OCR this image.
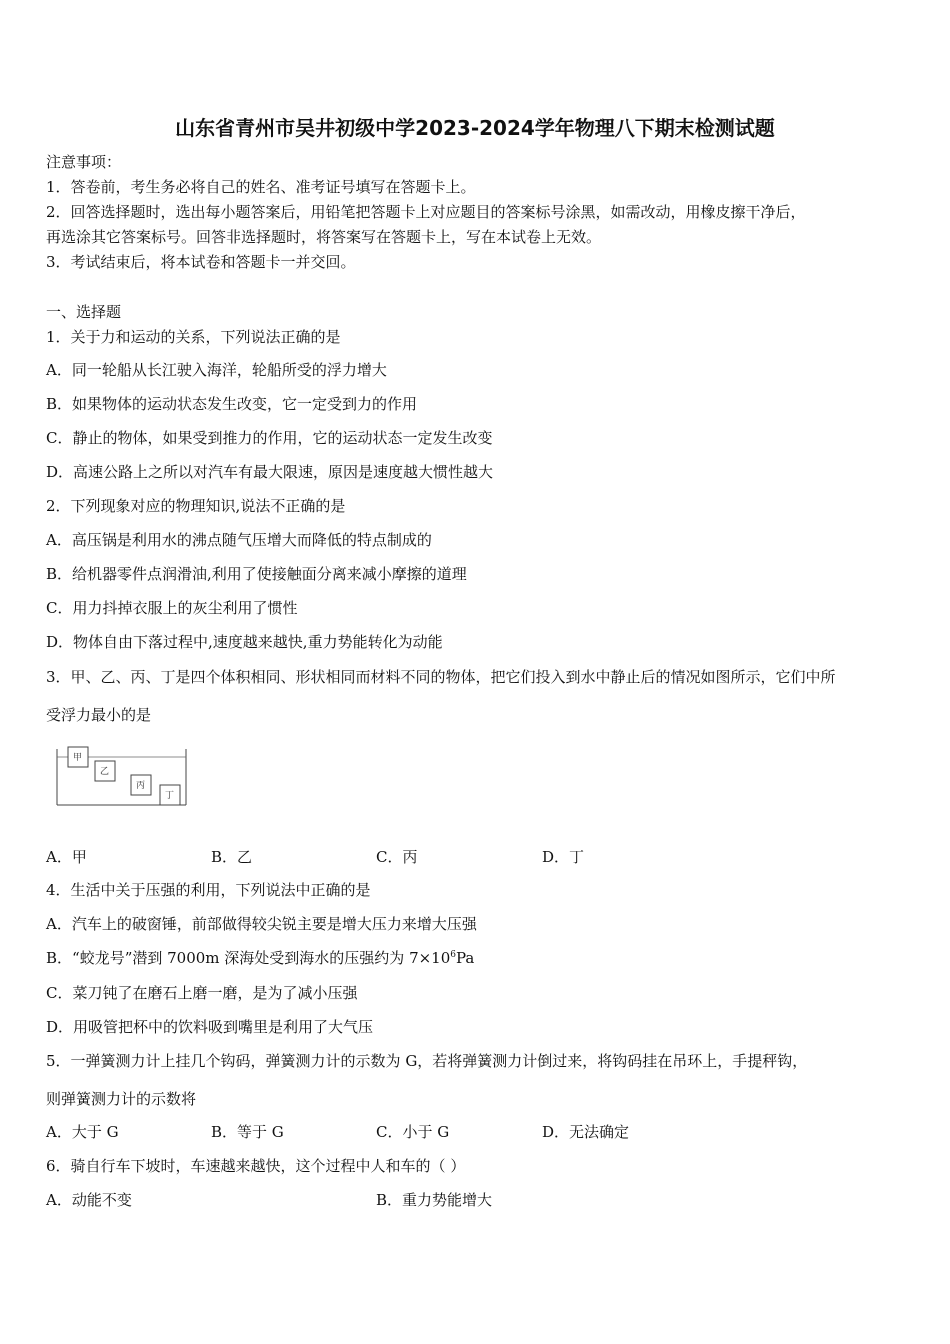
山东省青州市吴井初级中学2023-2024学年物理八下期末检测试题
注意事项：
1．答卷前，考生务必将自己的姓名、准考证号填写在答题卡上。
2．回答选择题时，选出每小题答案后，用铅笔把答题卡上对应题目的答案标号涂黑，如需改动，用橡皮擦干净后，
再选涂其它答案标号。回答非选择题时，将答案写在答题卡上，写在本试卷上无效。
3．考试结束后，将本试卷和答题卡一并交回。
一、选择题
1．关于力和运动的关系，下列说法正确的是
A．同一轮船从长江驶入海洋，轮船所受的浮力增大
B．如果物体的运动状态发生改变，它一定受到力的作用
C．静止的物体，如果受到推力的作用，它的运动状态一定发生改变
D．高速公路上之所以对汽车有最大限速，原因是速度越大惯性越大
2．下列现象对应的物理知识,说法不正确的是
A．高压锅是利用水的沸点随气压增大而降低的特点制成的
B．给机器零件点润滑油,利用了使接触面分离来减小摩擦的道理
C．用力抖掉衣服上的灰尘利用了惯性
D．物体自由下落过程中,速度越来越快,重力势能转化为动能
3．甲、乙、丙、丁是四个体积相同、形状相同而材料不同的物体，把它们投入到水中静止后的情况如图所示，它们中所
受浮力最小的是
甲
乙
丙
丁
A．甲	B．乙	C．丙	D．丁
4．生活中关于压强的利用，下列说法中正确的是
A．汽车上的破窗锤，前部做得较尖锐主要是增大压力来增大压强
B．“蛟龙号”潜到 7000m 深海处受到海水的压强约为 $7\times 10^6Pa$
C．菜刀钝了在磨石上磨一磨，是为了减小压强
D．用吸管把杯中的饮料吸到嘴里是利用了大气压
5．一弹簧测力计上挂几个钩码，弹簧测力计的示数为 G，若将弹簧测力计倒过来，将钩码挂在吊环上，手提秤钩，
则弹簧测力计的示数将
A．大于 G	B．等于 G	C．小于 G	D．无法确定
6．骑自行车下坡时，车速越来越快，这个过程中人和车的（ ）
A．动能不变	B．重力势能增大
